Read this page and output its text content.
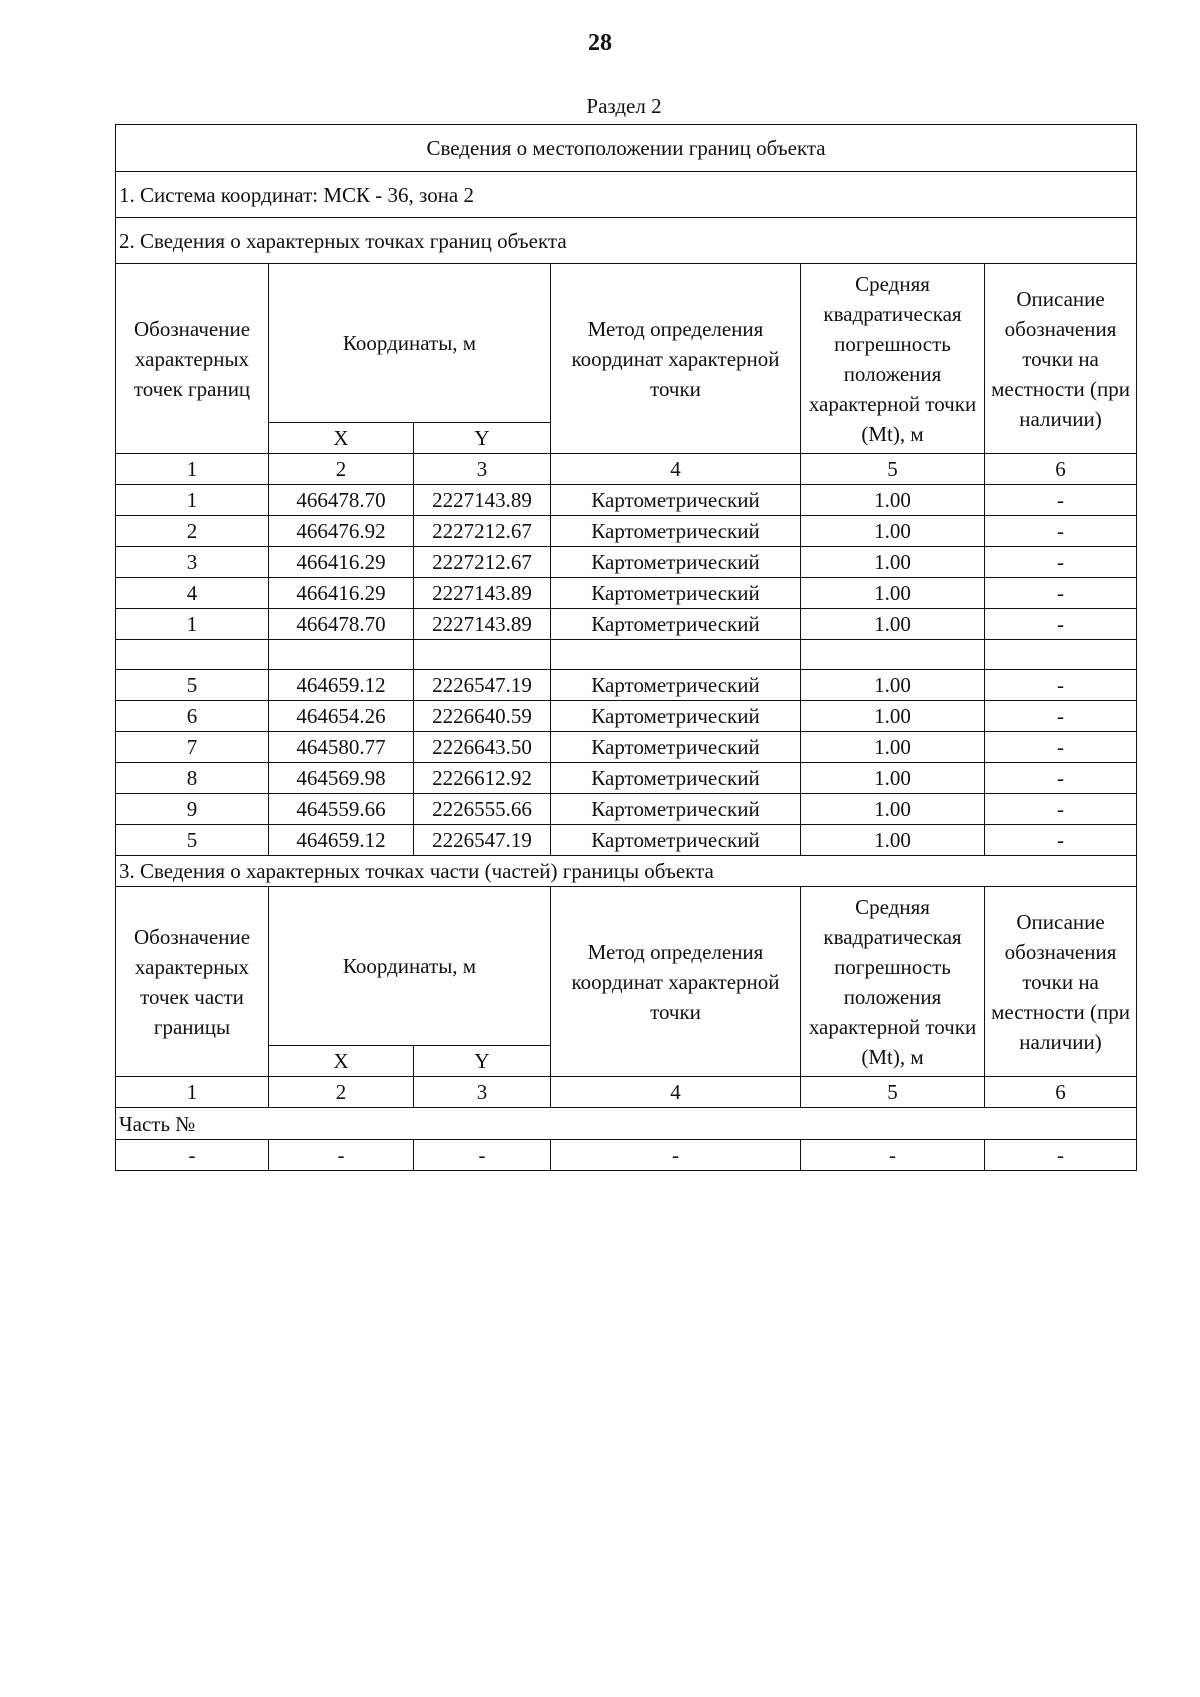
28
Раздел 2
Сведения о местоположении границ объекта					
1. Система координат: МСК - 36, зона 2					
2. Сведения о характерных точках границ объекта					
Обозначение характерных точек границ	Координаты, м		Метод определения координат характерной точки	Средняя квадратическая погрешность положения характерной точки (Mt), м	Описание обозначения точки на местности (при наличии)
	X	Y			
1	2	3	4	5	6
1	466478.70	2227143.89	Картометрический	1.00	-
2	466476.92	2227212.67	Картометрический	1.00	-
3	466416.29	2227212.67	Картометрический	1.00	-
4	466416.29	2227143.89	Картометрический	1.00	-
1	466478.70	2227143.89	Картометрический	1.00	-

5	464659.12	2226547.19	Картометрический	1.00	-
6	464654.26	2226640.59	Картометрический	1.00	-
7	464580.77	2226643.50	Картометрический	1.00	-
8	464569.98	2226612.92	Картометрический	1.00	-
9	464559.66	2226555.66	Картометрический	1.00	-
5	464659.12	2226547.19	Картометрический	1.00	-
3. Сведения о характерных точках части (частей) границы объекта					
Обозначение характерных точек части границы	Координаты, м		Метод определения координат характерной точки	Средняя квадратическая погрешность положения характерной точки (Mt), м	Описание обозначения точки на местности (при наличии)
	X	Y			
1	2	3	4	5	6
Часть №					
-	-	-	-	-	-
